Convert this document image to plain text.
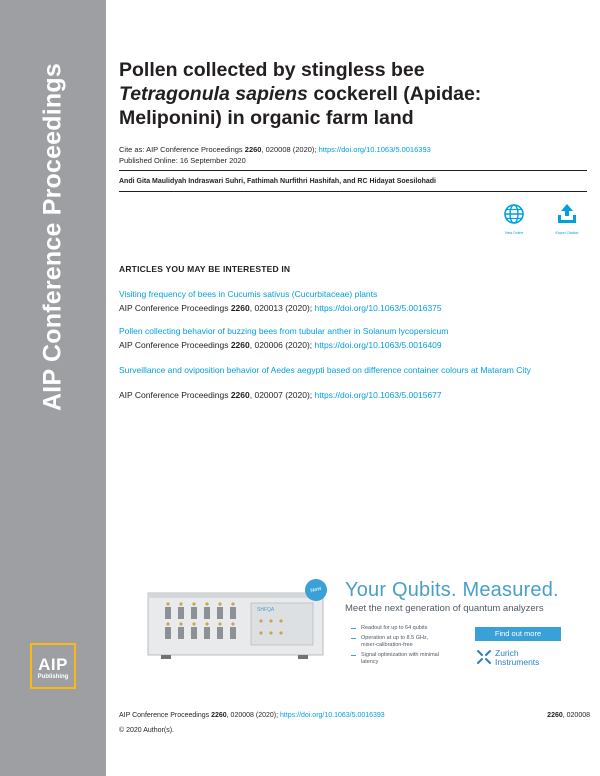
AIP Conference Proceedings
AIP
Publishing
Pollen collected by stingless bee
Tetragonula sapiens cockerell (Apidae:
Meliponini) in organic farm land
Cite as: AIP Conference Proceedings 2260, 020008 (2020); https://doi.org/10.1063/5.0016393
Published Online: 16 September 2020
Andi Gita Maulidyah Indraswari Suhri, Fathimah Nurfithri Hashifah, and RC Hidayat Soesilohadi
View Online	Export Citation
ARTICLES YOU MAY BE INTERESTED IN
Visiting frequency of bees in Cucumis sativus (Cucurbitaceae) plants
AIP Conference Proceedings 2260, 020013 (2020); https://doi.org/10.1063/5.0016375
Pollen collecting behavior of buzzing bees from tubular anther in Solanum lycopersicum
AIP Conference Proceedings 2260, 020006 (2020); https://doi.org/10.1063/5.0016409
Surveillance and oviposition behavior of Aedes aegypti based on difference container colours at Mataram City
AIP Conference Proceedings 2260, 020007 (2020); https://doi.org/10.1063/5.0015677
SHFQA
New	Your Qubits. Measured.
Meet the next generation of quantum analyzers
Readout for up to 64 qubits
Operation at up to 8.5 GHz, mixer-calibration-free
Signal optimization with minimal latency
Find out more
Zurich
Instruments
AIP Conference Proceedings 2260, 020008 (2020); https://doi.org/10.1063/5.0016393	2260, 020008
© 2020 Author(s).
